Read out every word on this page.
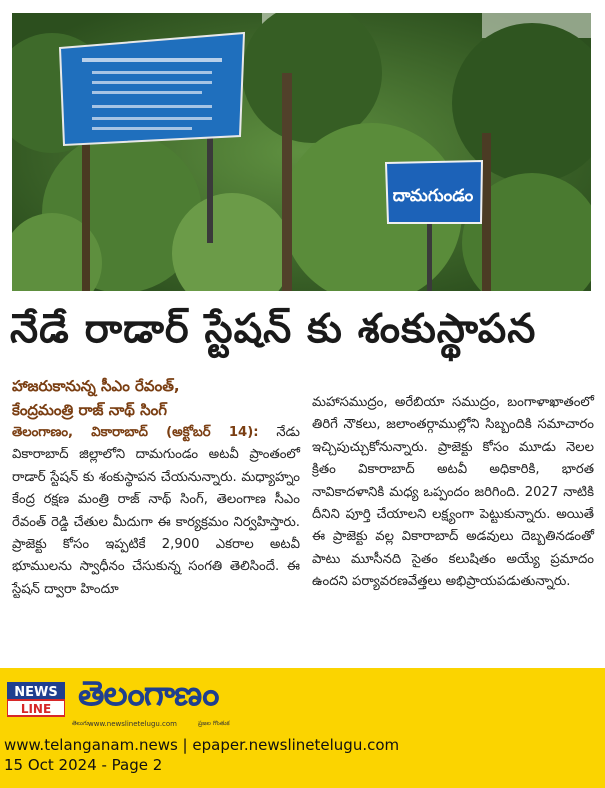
దామగుండం
నేడే రాడార్ స్టేషన్ కు శంకుస్థాపన

హాజరుకానున్న సీఎం రేవంత్,

కేంద్రమంత్రి రాజ్ నాథ్ సింగ్

తెలంగాణం, వికారాబాద్ (అక్టోబర్ 14): నేడు వికారాబాద్ జిల్లాలోని దామగుండం అటవీ ప్రాంతంలో రాడార్ స్టేషన్ కు శంకుస్థాపన చేయనున్నారు. మధ్యాహ్నం కేంద్ర రక్షణ మంత్రి రాజ్ నాథ్ సింగ్, తెలంగాణ సీఎం రేవంత్ రెడ్డి చేతుల మీదుగా ఈ కార్యక్రమం నిర్వహిస్తారు. ప్రాజెక్టు కోసం ఇప్పటికే 2,900 ఎకరాల అటవీ భూములను స్వాధీనం చేసుకున్న సంగతి తెలిసిందే. ఈ స్టేషన్ ద్వారా హిందూ

మహాసముద్రం, అరేబియా సముద్రం, బంగాళాఖాతంలో తిరిగే నౌకలు, జలాంతర్గాముల్లోని సిబ్బందికి సమాచారం ఇచ్చిపుచ్చుకోనున్నారు. ప్రాజెక్టు కోసం మూడు నెలల క్రితం వికారాబాద్ అటవీ అధికారికి, భారత నావికాదళానికి మధ్య ఒప్పందం జరిగింది. 2027 నాటికి దీనిని పూర్తి చేయాలని లక్ష్యంగా పెట్టుకున్నారు. అయితే ఈ ప్రాజెక్టు వల్ల వికారాబాద్ అడవులు దెబ్బతినడంతో పాటు మూసీనది సైతం కలుషితం అయ్యే ప్రమాదం ఉందని పర్యావరణవేత్తలు అభిప్రాయపడుతున్నారు.

NEWS
LINE తెలంగాణం
తెలుగు www.newslinetelugu.com	ప్రజల గొంతుక
www.telanganam.news | epaper.newslinetelugu.com
15 Oct 2024 - Page 2
